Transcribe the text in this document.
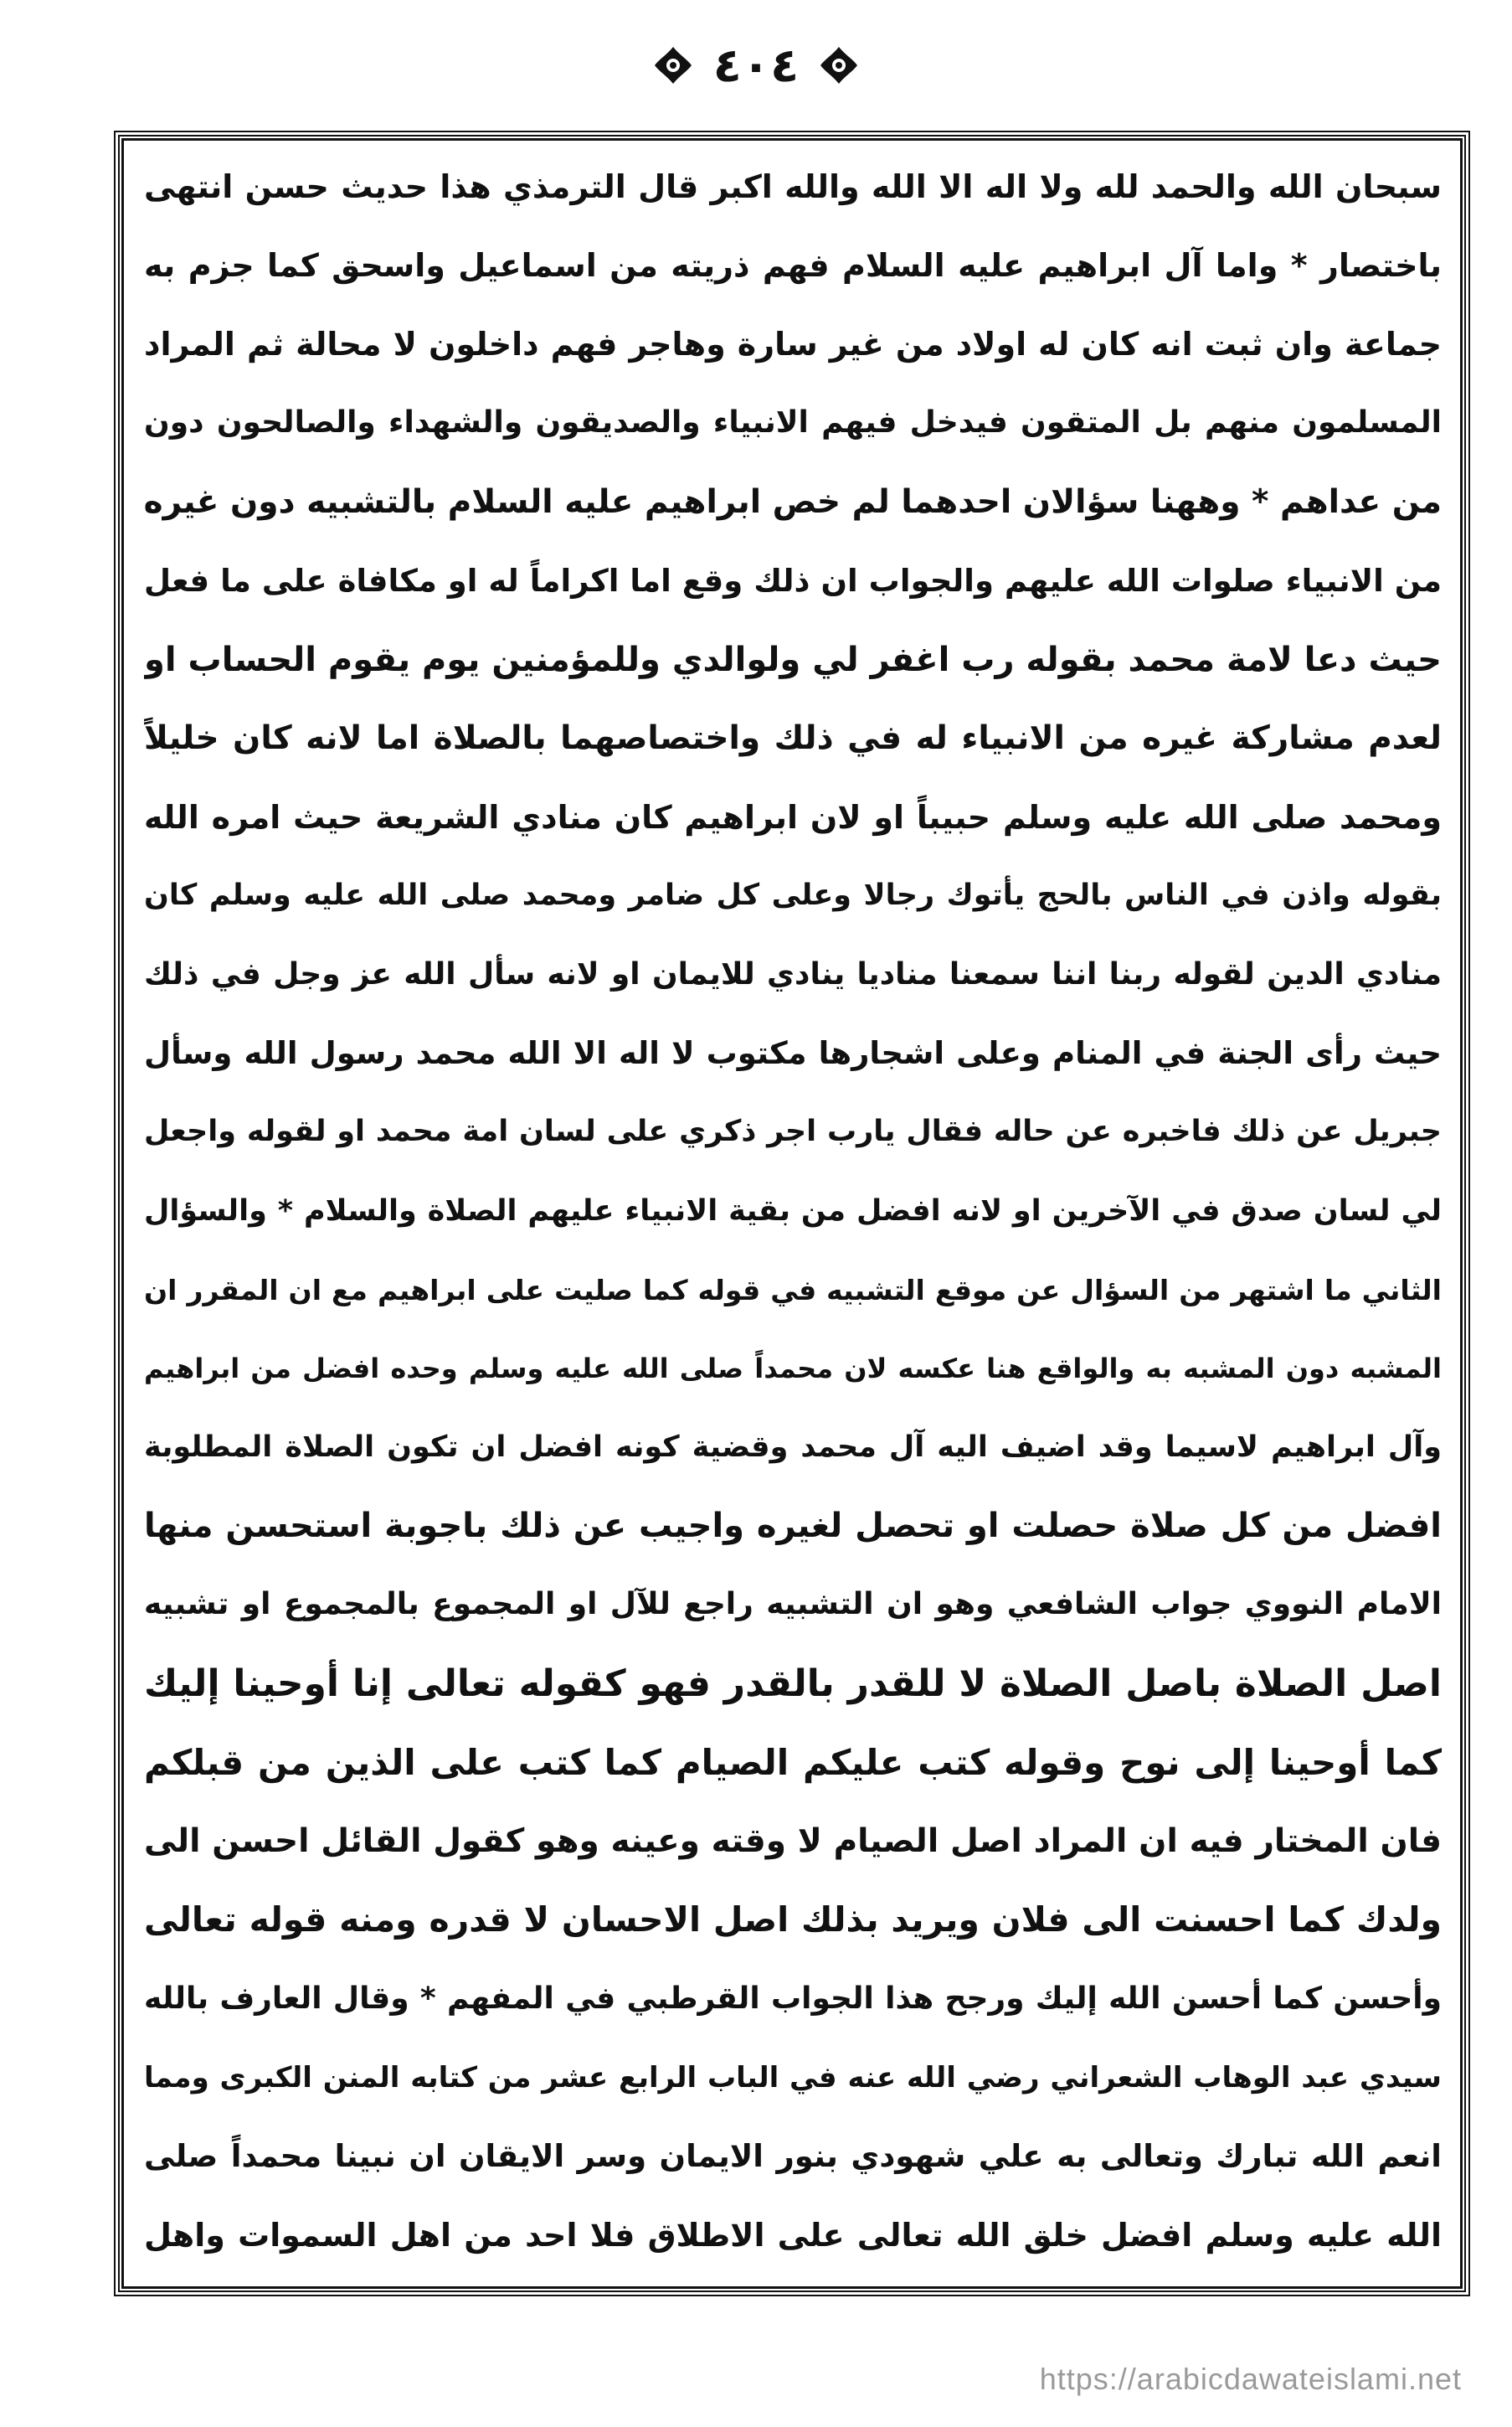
٤٠٤
سبحان الله والحمد لله ولا اله الا الله والله اكبر قال الترمذي هذا حديث حسن انتهى
باختصار * واما آل ابراهيم عليه السلام فهم ذريته من اسماعيل واسحق كما جزم به
جماعة وان ثبت انه كان له اولاد من غير سارة وهاجر فهم داخلون لا محالة ثم المراد
المسلمون منهم بل المتقون فيدخل فيهم الانبياء والصديقون والشهداء والصالحون دون
من عداهم * وههنا سؤالان احدهما لم خص ابراهيم عليه السلام بالتشبيه دون غيره
من الانبياء صلوات الله عليهم والجواب ان ذلك وقع اما اكراماً له او مكافاة على ما فعل
حيث دعا لامة محمد بقوله رب اغفر لي ولوالدي وللمؤمنين يوم يقوم الحساب او
لعدم مشاركة غيره من الانبياء له في ذلك واختصاصهما بالصلاة اما لانه كان خليلاً
ومحمد صلى الله عليه وسلم حبيباً او لان ابراهيم كان منادي الشريعة حيث امره الله
بقوله واذن في الناس بالحج يأتوك رجالا وعلى كل ضامر ومحمد صلى الله عليه وسلم كان
منادي الدين لقوله ربنا اننا سمعنا مناديا ينادي للايمان او لانه سأل الله عز وجل في ذلك
حيث رأى الجنة في المنام وعلى اشجارها مكتوب لا اله الا الله محمد رسول الله وسأل
جبريل عن ذلك فاخبره عن حاله فقال يارب اجر ذكري على لسان امة محمد او لقوله واجعل
لي لسان صدق في الآخرين او لانه افضل من بقية الانبياء عليهم الصلاة والسلام * والسؤال
الثاني ما اشتهر من السؤال عن موقع التشبيه في قوله كما صليت على ابراهيم مع ان المقرر ان
المشبه دون المشبه به والواقع هنا عكسه لان محمداً صلى الله عليه وسلم وحده افضل من ابراهيم
وآل ابراهيم لاسيما وقد اضيف اليه آل محمد وقضية كونه افضل ان تكون الصلاة المطلوبة
افضل من كل صلاة حصلت او تحصل لغيره واجيب عن ذلك باجوبة استحسن منها
الامام النووي جواب الشافعي وهو ان التشبيه راجع للآل او المجموع بالمجموع او تشبيه
اصل الصلاة باصل الصلاة لا للقدر بالقدر فهو كقوله تعالى إنا أوحينا إليك
كما أوحينا إلى نوح وقوله كتب عليكم الصيام كما كتب على الذين من قبلكم
فان المختار فيه ان المراد اصل الصيام لا وقته وعينه وهو كقول القائل احسن الى
ولدك كما احسنت الى فلان ويريد بذلك اصل الاحسان لا قدره ومنه قوله تعالى
وأحسن كما أحسن الله إليك ورجح هذا الجواب القرطبي في المفهم * وقال العارف بالله
سيدي عبد الوهاب الشعراني رضي الله عنه في الباب الرابع عشر من كتابه المنن الكبرى ومما
انعم الله تبارك وتعالى به علي شهودي بنور الايمان وسر الايقان ان نبينا محمداً صلى
الله عليه وسلم افضل خلق الله تعالى على الاطلاق فلا احد من اهل السموات واهل
https://arabicdawateislami.net
